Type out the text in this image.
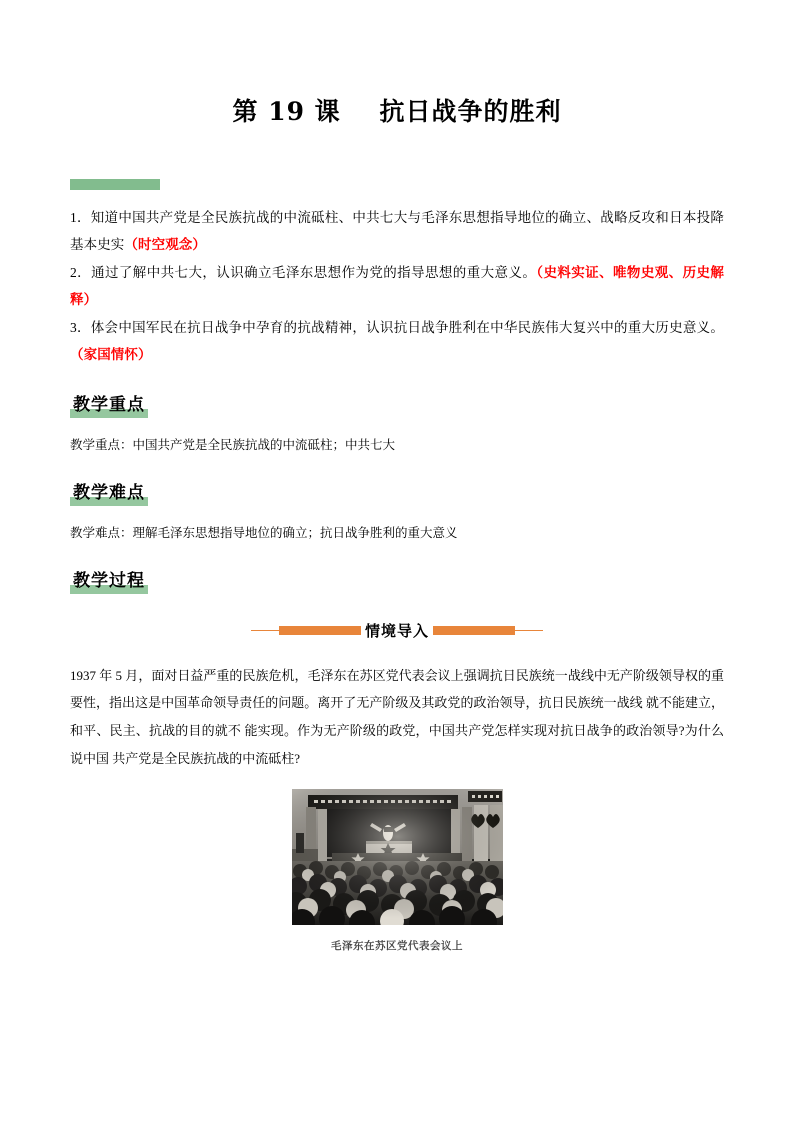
第 19 课    抗日战争的胜利

1．知道中国共产党是全民族抗战的中流砥柱、中共七大与毛泽东思想指导地位的确立、战略反攻和日本投降基本史实（时空观念）

2．通过了解中共七大，认识确立毛泽东思想作为党的指导思想的重大意义。（史料实证、唯物史观、历史解释）

3．体会中国军民在抗日战争中孕育的抗战精神，认识抗日战争胜利在中华民族伟大复兴中的重大历史意义。（家国情怀）

教学重点

教学重点：中国共产党是全民族抗战的中流砥柱；中共七大

教学难点

教学难点：理解毛泽东思想指导地位的确立；抗日战争胜利的重大意义

教学过程
情境导入

1937 年 5 月，面对日益严重的民族危机，毛泽东在苏区党代表会议上强调抗日民族统一战线中无产阶级领导权的重要性，指出这是中国革命领导责任的问题。离开了无产阶级及其政党的政治领导，抗日民族统一战线 就不能建立，和平、民主、抗战的目的就不 能实现。作为无产阶级的政党，中国共产党怎样实现对抗日战争的政治领导?为什么说中国 共产党是全民族抗战的中流砥柱?

毛泽东在苏区党代表会议上
